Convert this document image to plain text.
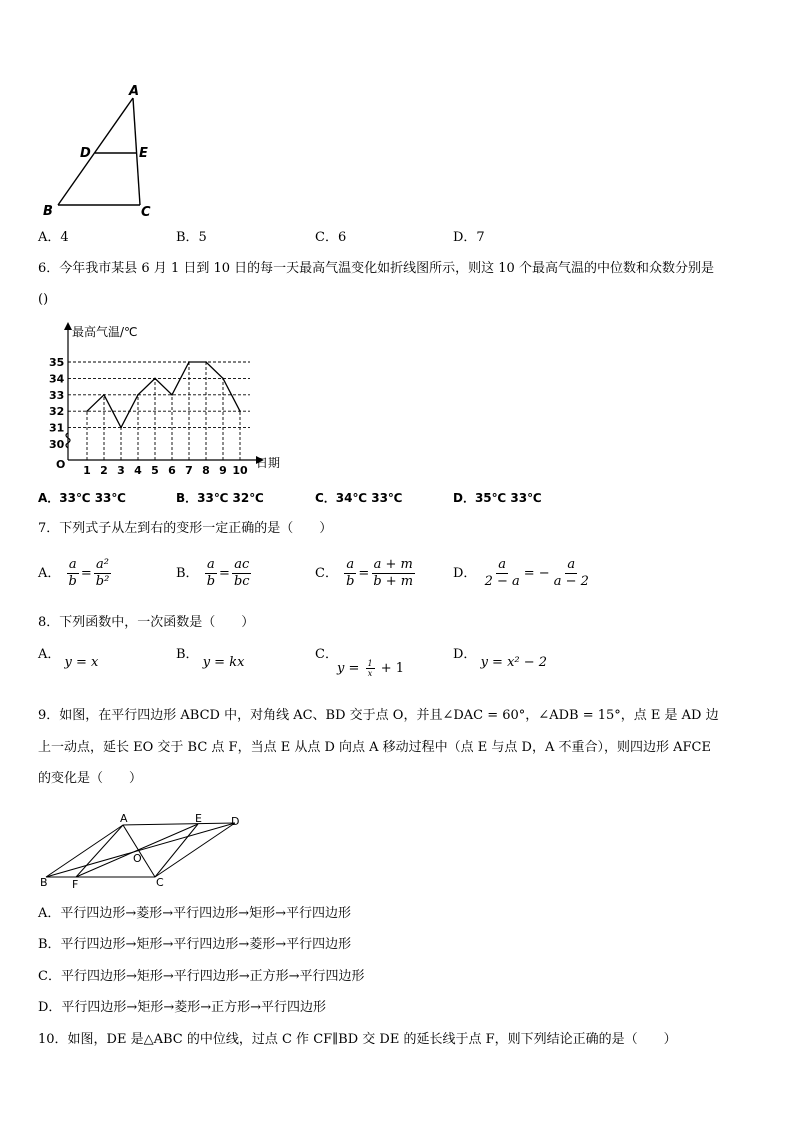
A
D	E
B	C
A．4	B．5	C．6	D．7
6．今年我市某县 6 月 1 日到 10 日的每一天最高气温变化如折线图所示，则这 10 个最高气温的中位数和众数分别是
()
30
31
32
33
34
35
1 2 3 4 5 6 7 8 9 10
最高气温/℃
日期
O
A．33℃ 33℃	B．33℃ 32℃	C．34℃ 33℃	D．35℃ 33℃
7．下列式子从左到右的变形一定正确的是（　　）
A． $\frac{a}{b} = \frac{\text{a²}}{\text{b²}}$	B． $\frac{a}{b} = \frac{ac}{bc}$	C． $\frac{a}{b} = \frac{a + m}{b + m}$	D． $\frac{a}{2 - a}$ = − $\frac{a}{a - 2}$
8．下列函数中，一次函数是（　　）
A． y = x
B． y = kx
C．
$y = \frac{1}{x} + 1$
D． y = x² − 2
9．如图，在平行四边形 ABCD 中，对角线 AC、BD 交于点 O，并且∠DAC = 60°，∠ADB = 15°，点 E 是 AD 边
上一动点，延长 EO 交于 BC 点 F，当点 E 从点 D 向点 A 移动过程中（点 E 与点 D，A 不重合），则四边形 AFCE
的变化是（　　）
A	E	D
O
B F	C
A．平行四边形→菱形→平行四边形→矩形→平行四边形
B．平行四边形→矩形→平行四边形→菱形→平行四边形
C．平行四边形→矩形→平行四边形→正方形→平行四边形
D．平行四边形→矩形→菱形→正方形→平行四边形
10．如图，DE 是△ABC 的中位线，过点 C 作 CF∥BD 交 DE 的延长线于点 F，则下列结论正确的是（　　）
